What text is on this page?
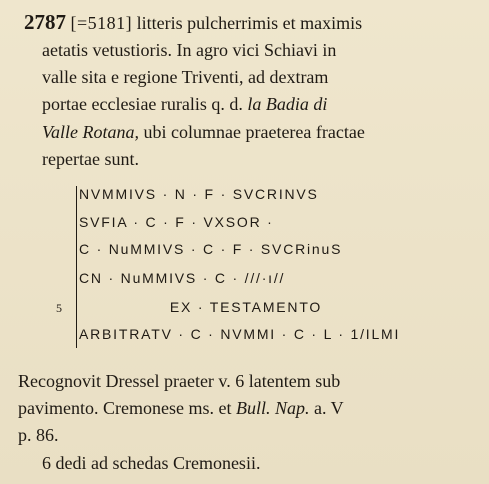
2787 [=5181] litteris pulcherrimis et maximis
aetatis vetustioris. In agro vici Schiavi in
valle sita e regione Triventi, ad dextram
portae ecclesiae ruralis q. d. la Badia di
Valle Rotana, ubi columnae praeterea fractae
repertae sunt.
NVMMIVS · N · F · SVCRINVS
SVFIA · C · F · VXSOR ·
C · NuMMIVS · C · F · SVCRinuS
CN · NuMMIVS · C · ///·ı//
EX · TESTAMENTO
ARBITRATV · C · NVMMI · C · L · 1/ILMI
5
Recognovit Dressel praeter v. 6 latentem sub
pavimento. Cremonese ms. et Bull. Nap. a. V
p. 86.
6 dedi ad schedas Cremonesii.
